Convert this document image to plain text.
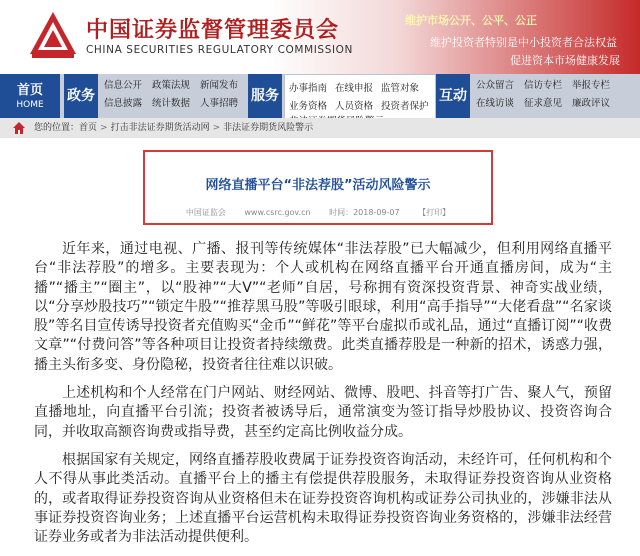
中国证券监督管理委员会
CHINA SECURITIES REGULATORY COMMISSION
维护市场公开、公平、公正
维护投资者特别是中小投资者合法权益
促进资本市场健康发展
首页
HOME
政务
信息公开 政策法规 新闻发布
信息披露 统计数据 人事招聘 服务	办事指南 在线申报 监管对象
业务资格 人员资格 投资者保护
互动
公众留言 信访专栏 举报专栏
在线访谈 征求意见 廉政评议
您的位置：首页 > 打击非法证券期货活动网 > 非法证券期货风险警示
网络直播平台“非法荐股”活动风险警示
中国证监会 www.csrc.gov.cn 时间：2018-09-07 【打印】

近年来，通过电视、广播、报刊等传统媒体“非法荐股”已大幅减少，但利用网络直播平台“非法荐股”的增多。主要表现为：个人或机构在网络直播平台开通直播房间，成为“主播”“播主”“圈主”，以“股神”“大V”“老师”自居，号称拥有资深投资背景、神奇实战业绩，以“分享炒股技巧”“锁定牛股”“推荐黑马股”等吸引眼球，利用“高手指导”“大佬看盘”“名家谈股”等名目宣传诱导投资者充值购买“金币”“鲜花”等平台虚拟币或礼品，通过“直播订阅”“收费文章”“付费问答”等各种项目让投资者持续缴费。此类直播荐股是一种新的招术，诱惑力强，播主头衔多变、身份隐秘，投资者往往难以识破。

上述机构和个人经常在门户网站、财经网站、微博、股吧、抖音等打广告、聚人气，预留直播地址，向直播平台引流；投资者被诱导后，通常演变为签订指导炒股协议、投资咨询合同，并收取高额咨询费或指导费，甚至约定高比例收益分成。

根据国家有关规定，网络直播荐股收费属于证券投资咨询活动，未经许可，任何机构和个人不得从事此类活动。直播平台上的播主有偿提供荐股服务，未取得证券投资咨询从业资格的，或者取得证券投资咨询从业资格但未在证券投资咨询机构或证券公司执业的，涉嫌非法从事证券投资咨询业务；上述直播平台运营机构未取得证券投资咨询业务资格的，涉嫌非法经营证券业务或者为非法活动提供便利。
